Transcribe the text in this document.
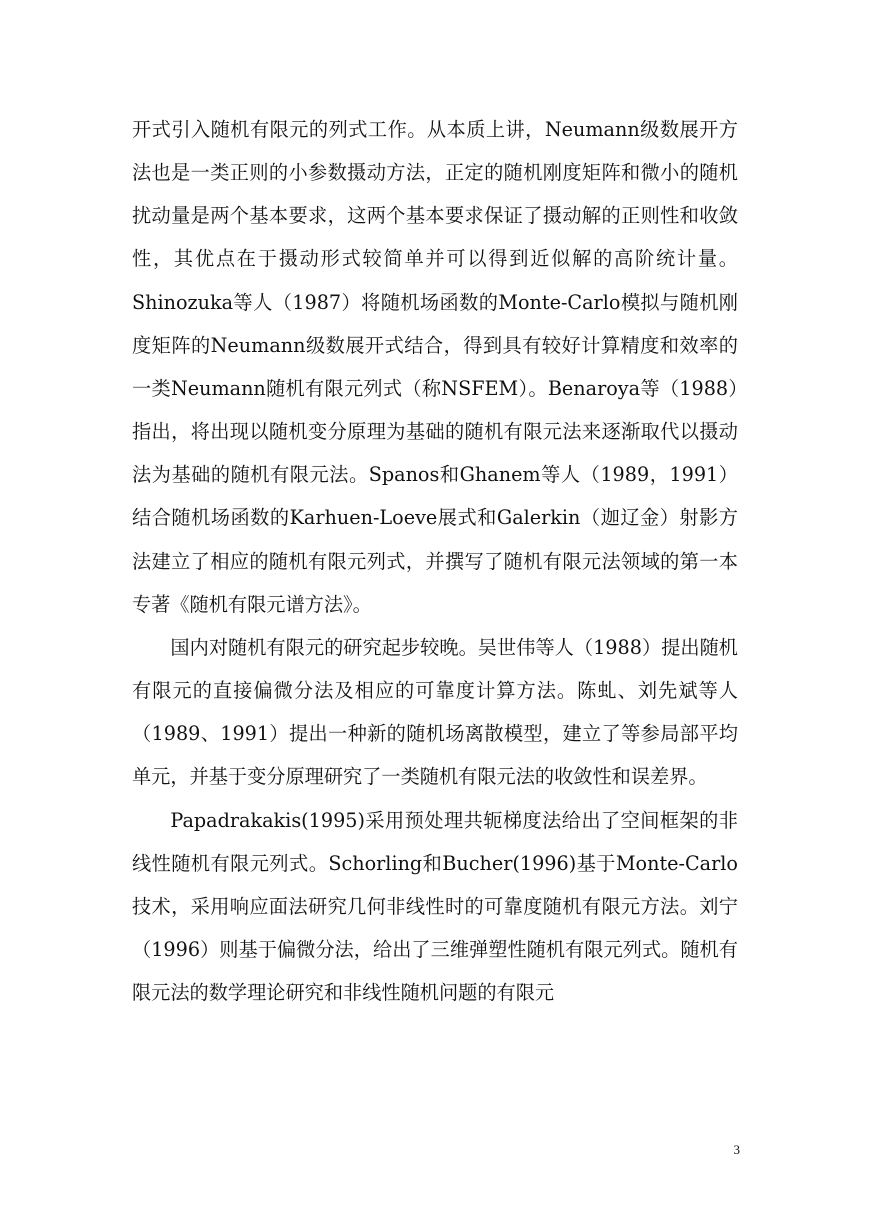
开式引入随机有限元的列式工作。从本质上讲，Neumann级数展开方法也是一类正则的小参数摄动方法，正定的随机刚度矩阵和微小的随机扰动量是两个基本要求，这两个基本要求保证了摄动解的正则性和收敛性，其优点在于摄动形式较简单并可以得到近似解的高阶统计量。Shinozuka等人（1987）将随机场函数的Monte-Carlo模拟与随机刚度矩阵的Neumann级数展开式结合，得到具有较好计算精度和效率的一类Neumann随机有限元列式（称NSFEM）。Benaroya等（1988）指出，将出现以随机变分原理为基础的随机有限元法来逐渐取代以摄动法为基础的随机有限元法。Spanos和Ghanem等人（1989，1991）结合随机场函数的Karhuen-Loeve展式和Galerkin（迦辽金）射影方法建立了相应的随机有限元列式，并撰写了随机有限元法领域的第一本专著《随机有限元谱方法》。

国内对随机有限元的研究起步较晚。吴世伟等人（1988）提出随机有限元的直接偏微分法及相应的可靠度计算方法。陈虬、刘先斌等人（1989、1991）提出一种新的随机场离散模型，建立了等参局部平均单元，并基于变分原理研究了一类随机有限元法的收敛性和误差界。

Papadrakakis(1995)采用预处理共轭梯度法给出了空间框架的非线性随机有限元列式。Schorling和Bucher(1996)基于Monte-Carlo技术，采用响应面法研究几何非线性时的可靠度随机有限元方法。刘宁（1996）则基于偏微分法，给出了三维弹塑性随机有限元列式。随机有限元法的数学理论研究和非线性随机问题的有限元

3
